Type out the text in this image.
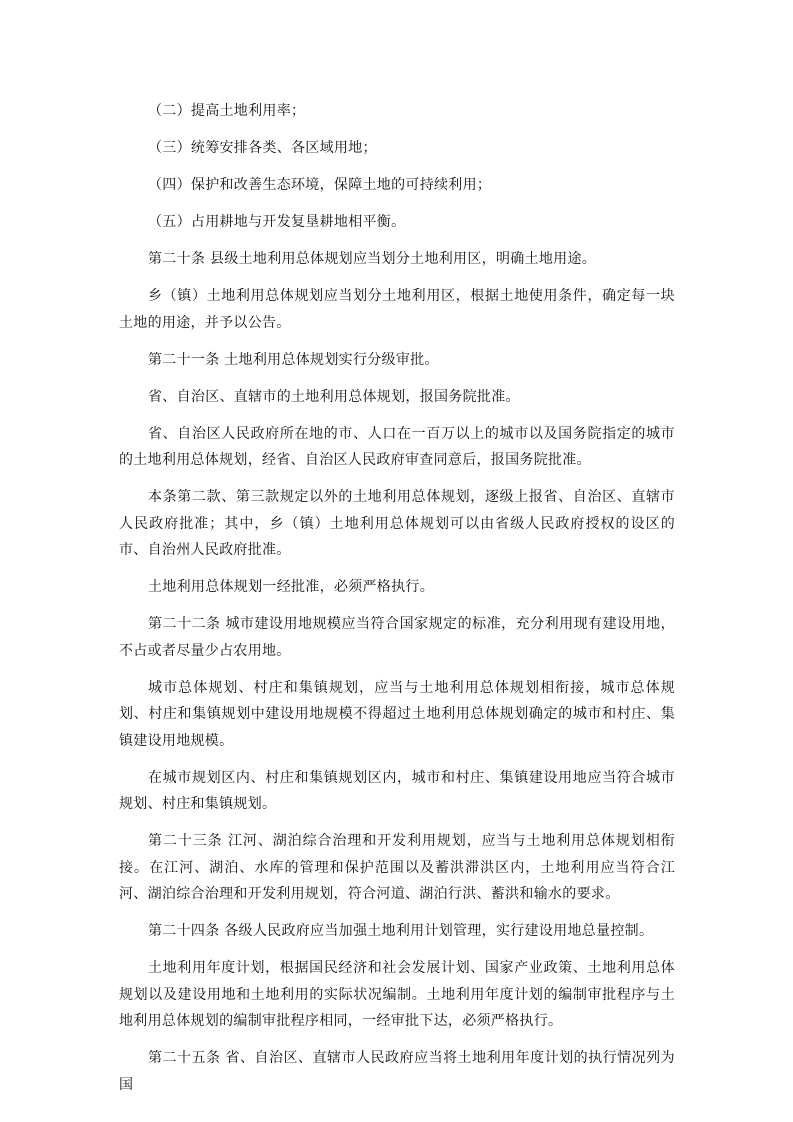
（二）提高土地利用率；

（三）统筹安排各类、各区域用地；

（四）保护和改善生态环境，保障土地的可持续利用；

（五）占用耕地与开发复垦耕地相平衡。

第二十条 县级土地利用总体规划应当划分土地利用区，明确土地用途。

乡（镇）土地利用总体规划应当划分土地利用区，根据土地使用条件，确定每一块土地的用途，并予以公告。

第二十一条 土地利用总体规划实行分级审批。

省、自治区、直辖市的土地利用总体规划，报国务院批准。

省、自治区人民政府所在地的市、人口在一百万以上的城市以及国务院指定的城市的土地利用总体规划，经省、自治区人民政府审查同意后，报国务院批准。

本条第二款、第三款规定以外的土地利用总体规划，逐级上报省、自治区、直辖市人民政府批准；其中，乡（镇）土地利用总体规划可以由省级人民政府授权的设区的市、自治州人民政府批准。

土地利用总体规划一经批准，必须严格执行。

第二十二条 城市建设用地规模应当符合国家规定的标准，充分利用现有建设用地，不占或者尽量少占农用地。

城市总体规划、村庄和集镇规划，应当与土地利用总体规划相衔接，城市总体规划、村庄和集镇规划中建设用地规模不得超过土地利用总体规划确定的城市和村庄、集镇建设用地规模。

在城市规划区内、村庄和集镇规划区内，城市和村庄、集镇建设用地应当符合城市规划、村庄和集镇规划。

第二十三条 江河、湖泊综合治理和开发利用规划，应当与土地利用总体规划相衔接。在江河、湖泊、水库的管理和保护范围以及蓄洪滞洪区内，土地利用应当符合江河、湖泊综合治理和开发利用规划，符合河道、湖泊行洪、蓄洪和输水的要求。

第二十四条 各级人民政府应当加强土地利用计划管理，实行建设用地总量控制。

土地利用年度计划，根据国民经济和社会发展计划、国家产业政策、土地利用总体规划以及建设用地和土地利用的实际状况编制。土地利用年度计划的编制审批程序与土地利用总体规划的编制审批程序相同，一经审批下达，必须严格执行。

第二十五条 省、自治区、直辖市人民政府应当将土地利用年度计划的执行情况列为国
